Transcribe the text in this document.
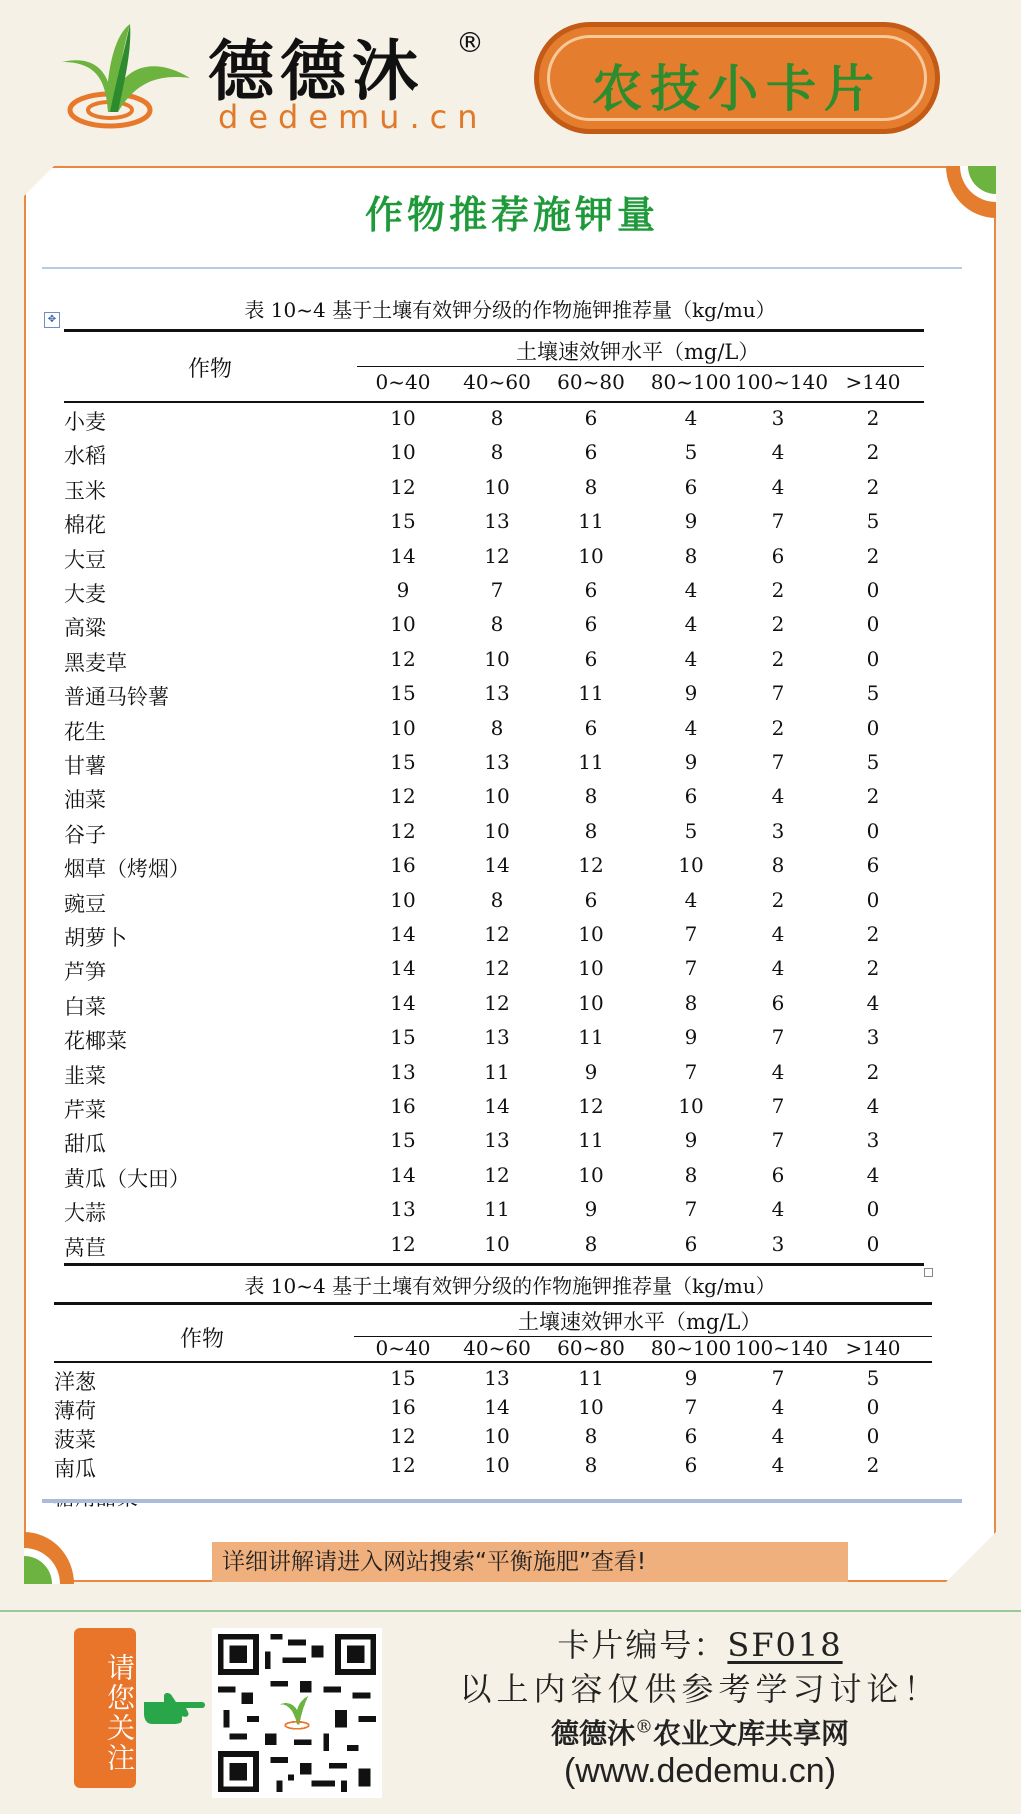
德德沐 ®
dedemu.cn	农技小卡片
作物推荐施钾量
✥	表 10~4 基于土壤有效钾分级的作物施钾推荐量（kg/mu）
作物
土壤速效钾水平（mg/L）
0~40	40~60	60~80	80~100 100~140 >140
小麦	10	8	6	4	3	2
水稻	10	8	6	5	4	2
玉米	12	10	8	6	4	2
棉花	15	13	11	9	7	5
大豆	14	12	10	8	6	2
大麦	9	7	6	4	2	0
高粱	10	8	6	4	2	0
黑麦草	12	10	6	4	2	0
普通马铃薯	15	13	11	9	7	5
花生	10	8	6	4	2	0
甘薯	15	13	11	9	7	5
油菜	12	10	8	6	4	2
谷子	12	10	8	5	3	0
烟草（烤烟）	16	14	12	10	8	6
豌豆	10	8	6	4	2	0
胡萝卜	14	12	10	7	4	2
芦笋	14	12	10	7	4	2
白菜	14	12	10	8	6	4
花椰菜	15	13	11	9	7	3
韭菜	13	11	9	7	4	2
芹菜	16	14	12	10	7	4
甜瓜	15	13	11	9	7	3
黄瓜（大田）	14	12	10	8	6	4
大蒜	13	11	9	7	4	0
莴苣	12	10	8	6	3	0
表 10~4 基于土壤有效钾分级的作物施钾推荐量（kg/mu）
作物
土壤速效钾水平（mg/L）
0~40	40~60	60~80	80~100 100~140 >140
洋葱	15	13	11	9	7	5
薄荷	16	14	10	7	4	0
菠菜	12	10	8	6	4	0
南瓜	12	10	8	6	4	2
详细讲解请进入网站搜索“平衡施肥”查看!
请您关注
卡片编号：SF018
以上内容仅供参考学习讨论！
德德沐®农业文库共享网
(www.dedemu.cn)
